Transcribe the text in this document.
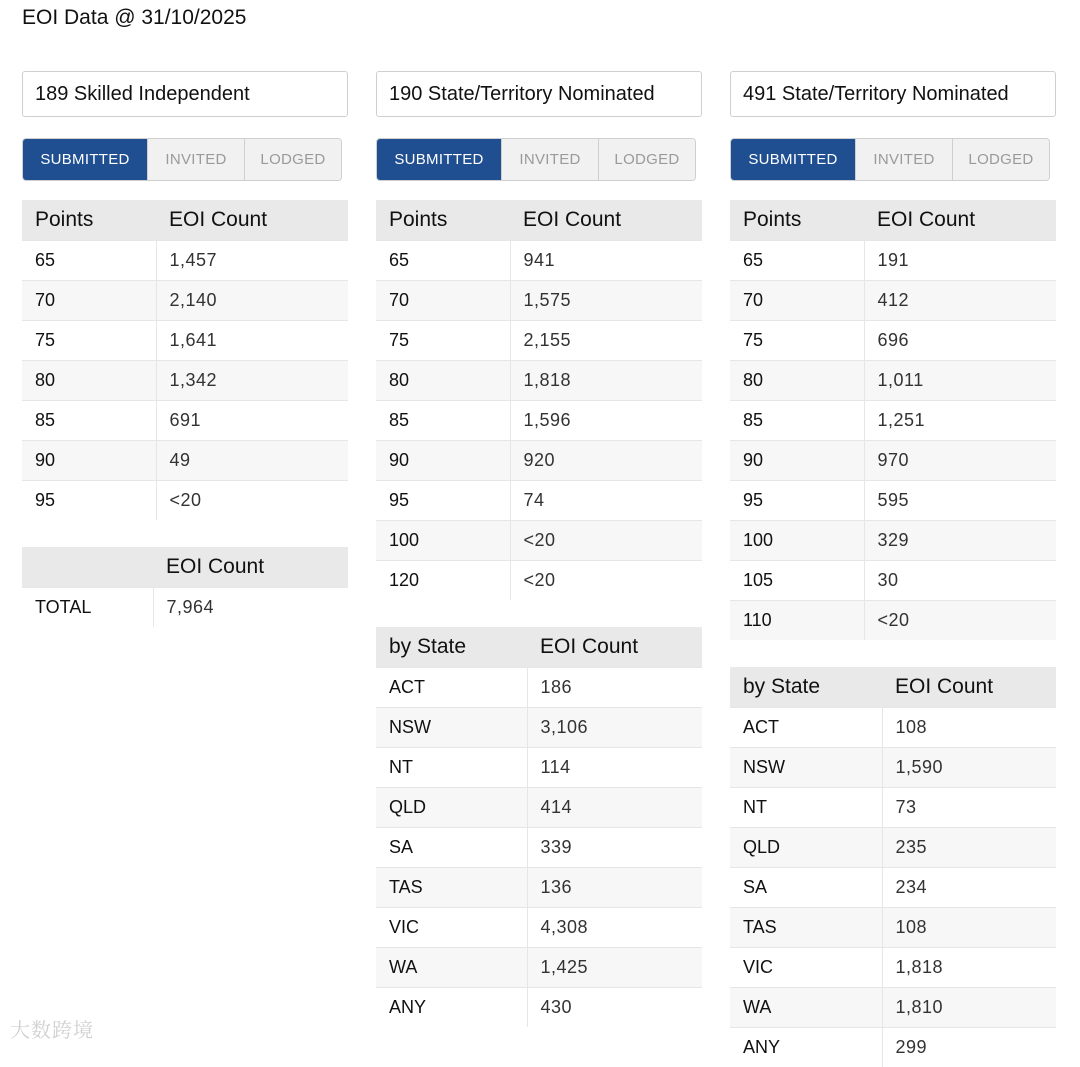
EOI Data @ 31/10/2025
189 Skilled Independent
SUBMITTED	INVITED	LODGED
Points	EOI Count
65	1,457
70	2,140
75	1,641
80	1,342
85	691
90	49
95	<20
	EOI Count
TOTAL	7,964
190 State/Territory Nominated
SUBMITTED	INVITED	LODGED
Points	EOI Count
65	941
70	1,575
75	2,155
80	1,818
85	1,596
90	920
95	74
100	<20
120	<20
by State	EOI Count
ACT	186
NSW	3,106
NT	114
QLD	414
SA	339
TAS	136
VIC	4,308
WA	1,425
ANY	430
491 State/Territory Nominated
SUBMITTED	INVITED	LODGED
Points	EOI Count
65	191
70	412
75	696
80	1,011
85	1,251
90	970
95	595
100	329
105	30
110	<20
by State	EOI Count
ACT	108
NSW	1,590
NT	73
QLD	235
SA	234
TAS	108
VIC	1,818
WA	1,810
ANY	299
大数跨境
